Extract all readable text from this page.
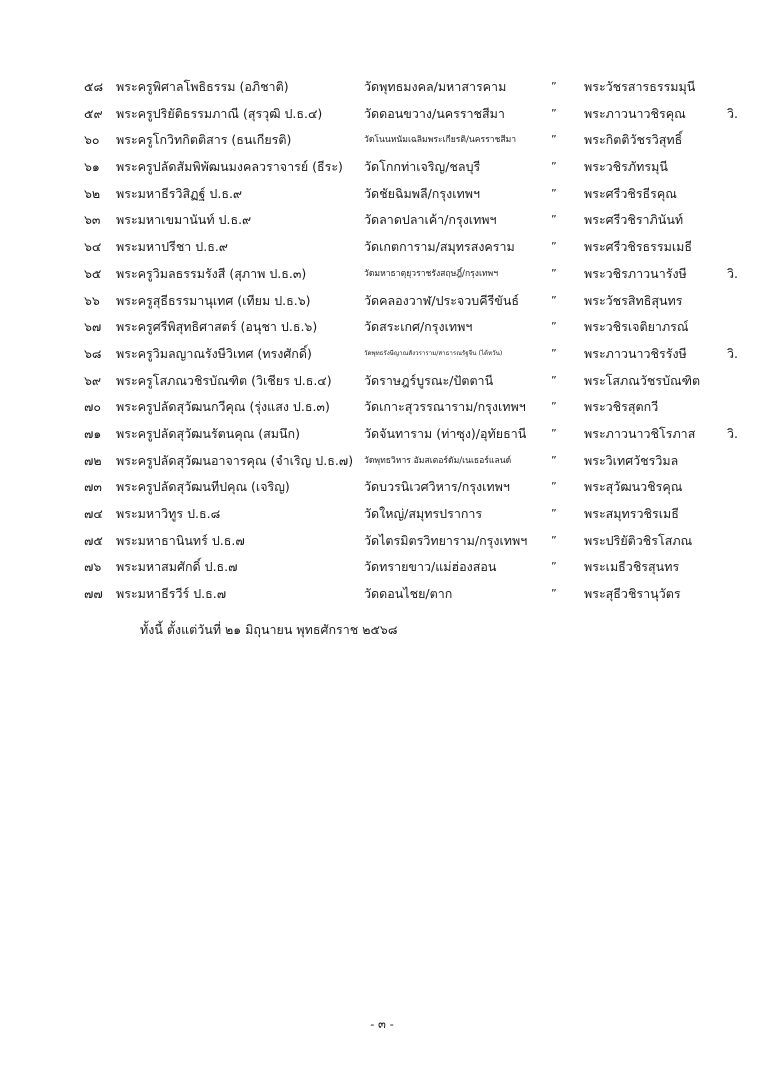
๕๘ พระครูพิศาลโพธิธรรม (อภิชาติ)	วัดพุทธมงคล/มหาสารคาม	” พระวัชรสารธรรมมุนี
๕๙ พระครูปริยัติธรรมภาณี (สุรวุฒิ ป.ธ.๔)	วัดดอนขวาง/นครราชสีมา	” พระภาวนาวชิรคุณ	วิ.
๖๐ พระครูโกวิทกิตติสาร (ธนเกียรติ)	วัดโนนหนัมเฉลิมพระเกียรติ/นครราชสีมา	” พระกิตติวัชรวิสุทธิ์
๖๑ พระครูปลัดสัมพิพัฒนมงคลวราจารย์ (ธีระ) วัดโกกท่าเจริญ/ชลบุรี	” พระวชิรภัทรมุนี
๖๒ พระมหาธีรวิสิฏฐ์ ป.ธ.๙	วัดชัยฉิมพลี/กรุงเทพฯ	” พระศรีวชิรธีรคุณ
๖๓ พระมหาเขมานันท์ ป.ธ.๙	วัดลาดปลาเค้า/กรุงเทพฯ	” พระศรีวชิราภินันท์
๖๔ พระมหาปรีชา ป.ธ.๙	วัดเกตการาม/สมุทรสงคราม	” พระศรีวชิรธรรมเมธี
๖๕ พระครูวิมลธรรมรังสี (สุภาพ ป.ธ.๓)	วัดมหาธาตุยุวราชรังสฤษฎิ์/กรุงเทพฯ	” พระวชิรภาวนารังษี	วิ.
๖๖ พระครูสุธีธรรมานุเทศ (เทียม ป.ธ.๖)	วัดคลองวาฬ/ประจวบคีรีขันธ์	” พระวัชรสิทธิสุนทร
๖๗ พระครูศรีพิสุทธิศาสตร์ (อนุชา ป.ธ.๖)	วัดสระเกศ/กรุงเทพฯ	” พระวชิรเจติยาภรณ์
๖๘ พระครูวิมลญาณรังษีวิเทศ (ทรงศักดิ์)	วัดพุทธรังษีญาณสังวราราม/สาธารณรัฐจีน (ไต้หวัน)	” พระภาวนาวชิรรังษี	วิ.
๖๙ พระครูโสภณวชิรบัณฑิต (วิเชียร ป.ธ.๔)	วัดราษฎร์บูรณะ/ปัตตานี	” พระโสภณวัชรบัณฑิต
๗๐ พระครูปลัดสุวัฒนกวีคุณ (รุ่งแสง ป.ธ.๓)	วัดเกาะสุวรรณาราม/กรุงเทพฯ ” พระวชิรสุตกวี
๗๑ พระครูปลัดสุวัฒนรัตนคุณ (สมนึก)	วัดจันทาราม (ท่าซุง)/อุทัยธานี ” พระภาวนาวชิโรภาส	วิ.
๗๒ พระครูปลัดสุวัฒนอาจารคุณ (จำเริญ ป.ธ.๗) วัดพุทธวิหาร อัมสเตอร์ดัม/เนเธอร์แลนด์	” พระวิเทศวัชรวิมล
๗๓ พระครูปลัดสุวัฒนทีปคุณ (เจริญ)	วัดบวรนิเวศวิหาร/กรุงเทพฯ	” พระสุวัฒนวชิรคุณ
๗๔ พระมหาวิทูร ป.ธ.๘	วัดใหญ่/สมุทรปราการ	” พระสมุทรวชิรเมธี
๗๕ พระมหาธานินทร์ ป.ธ.๗	วัดไตรมิตรวิทยาราม/กรุงเทพฯ ” พระปริยัติวชิรโสภณ
๗๖ พระมหาสมศักดิ์ ป.ธ.๗	วัดทรายขาว/แม่ฮ่องสอน	” พระเมธีวชิรสุนทร
๗๗ พระมหาธีรวีร์ ป.ธ.๗	วัดดอนไชย/ตาก	” พระสุธีวชิรานุวัตร
ทั้งนี้ ตั้งแต่วันที่ ๒๑ มิถุนายน พุทธศักราช ๒๕๖๘
- ๓ -
